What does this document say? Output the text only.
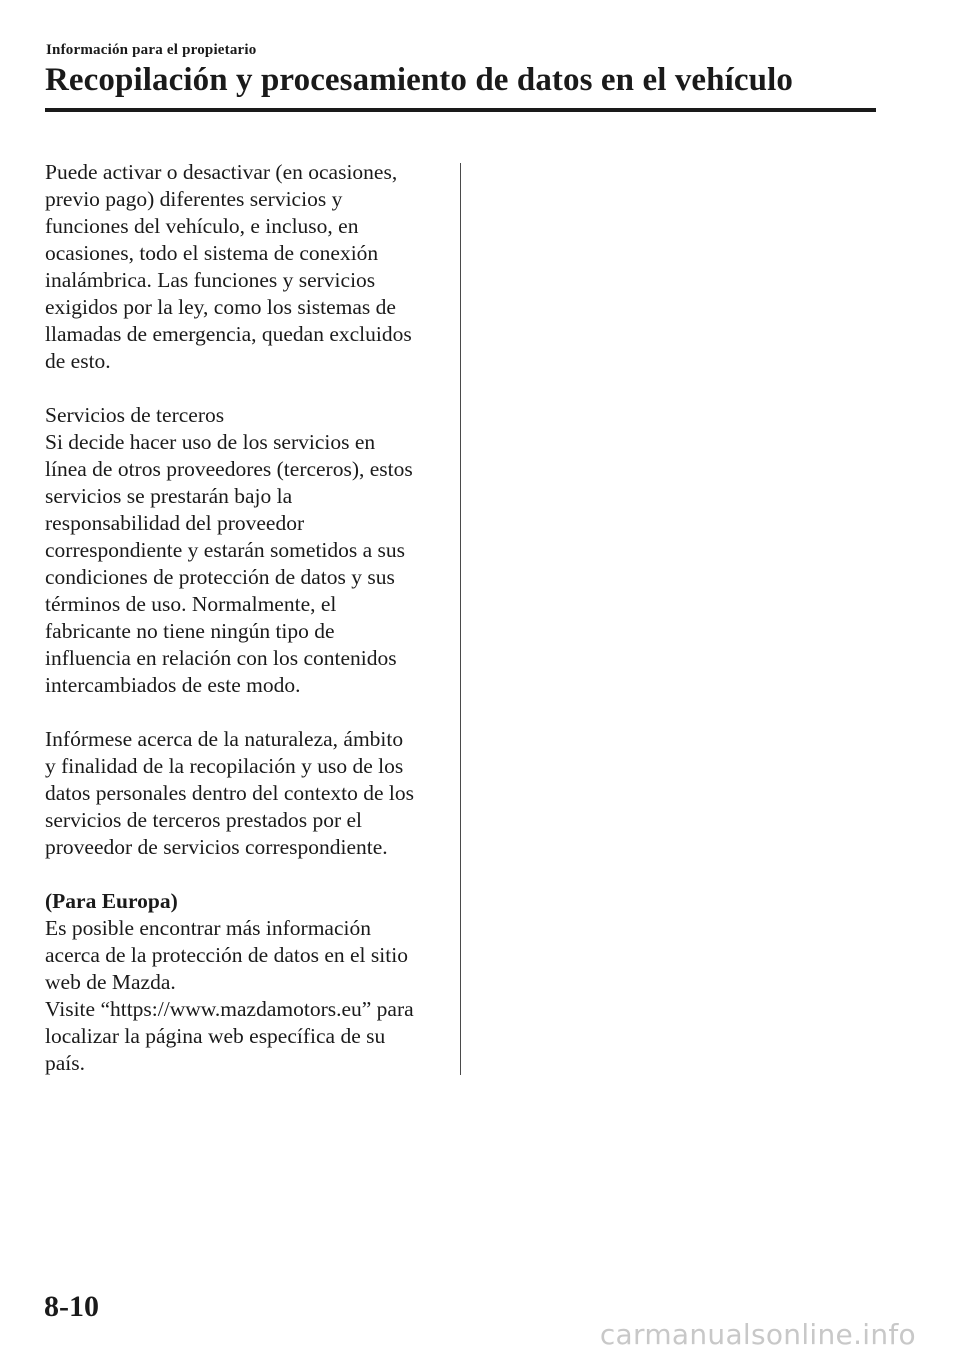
Información para el propietario
Recopilación y procesamiento de datos en el vehículo

Puede activar o desactivar (en ocasiones,
previo pago) diferentes servicios y
funciones del vehículo, e incluso, en
ocasiones, todo el sistema de conexión
inalámbrica. Las funciones y servicios
exigidos por la ley, como los sistemas de
llamadas de emergencia, quedan excluidos
de esto.

Servicios de terceros
Si decide hacer uso de los servicios en
línea de otros proveedores (terceros), estos
servicios se prestarán bajo la
responsabilidad del proveedor
correspondiente y estarán sometidos a sus
condiciones de protección de datos y sus
términos de uso. Normalmente, el
fabricante no tiene ningún tipo de
influencia en relación con los contenidos
intercambiados de este modo.

Infórmese acerca de la naturaleza, ámbito
y finalidad de la recopilación y uso de los
datos personales dentro del contexto de los
servicios de terceros prestados por el
proveedor de servicios correspondiente.

(Para Europa)
Es posible encontrar más información
acerca de la protección de datos en el sitio
web de Mazda.
Visite “https://www.mazdamotors.eu” para
localizar la página web específica de su
país.

8-10
carmanualsonline.info
